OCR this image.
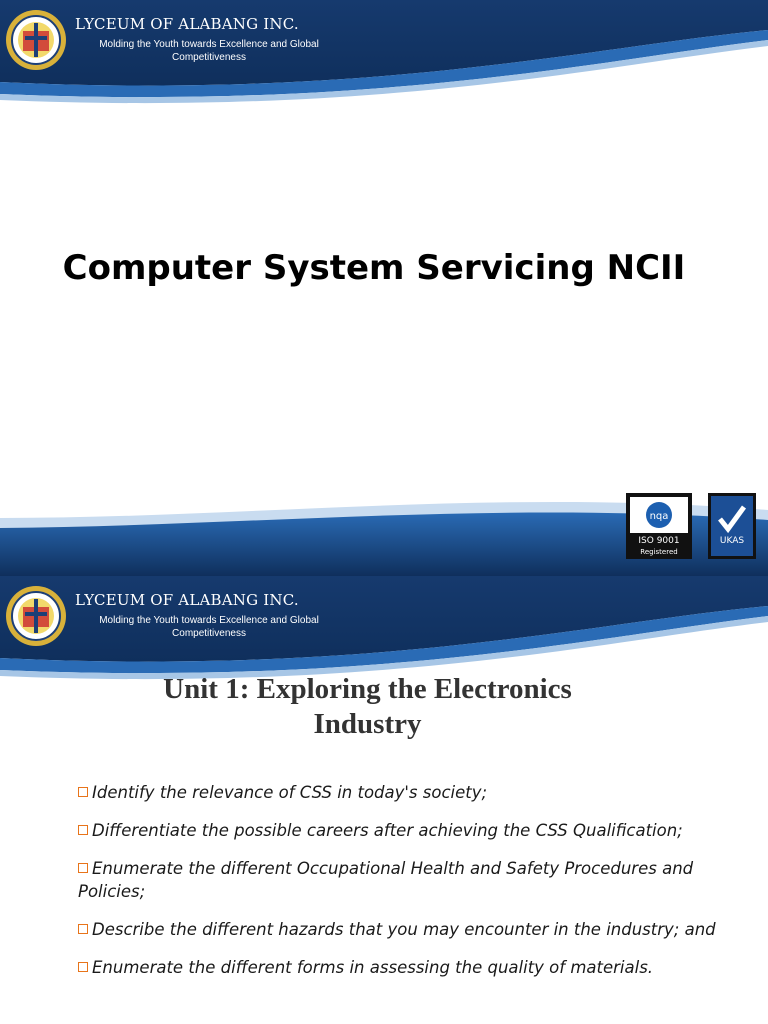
LYCEUM OF ALABANG INC.
Molding the Youth towards Excellence and Global Competitiveness
Computer System Servicing NCII
nqa
ISO 9001
Registered
UKAS
LYCEUM OF ALABANG INC.
Molding the Youth towards Excellence and Global Competitiveness
Unit 1: Exploring the Electronics Industry
Identify the relevance of CSS in today's society;
Differentiate the possible careers after achieving the CSS Qualification;
Enumerate the different Occupational Health and Safety Procedures and Policies;
Describe the different hazards that you may encounter in the industry; and
Enumerate the different forms in assessing the quality of materials.
